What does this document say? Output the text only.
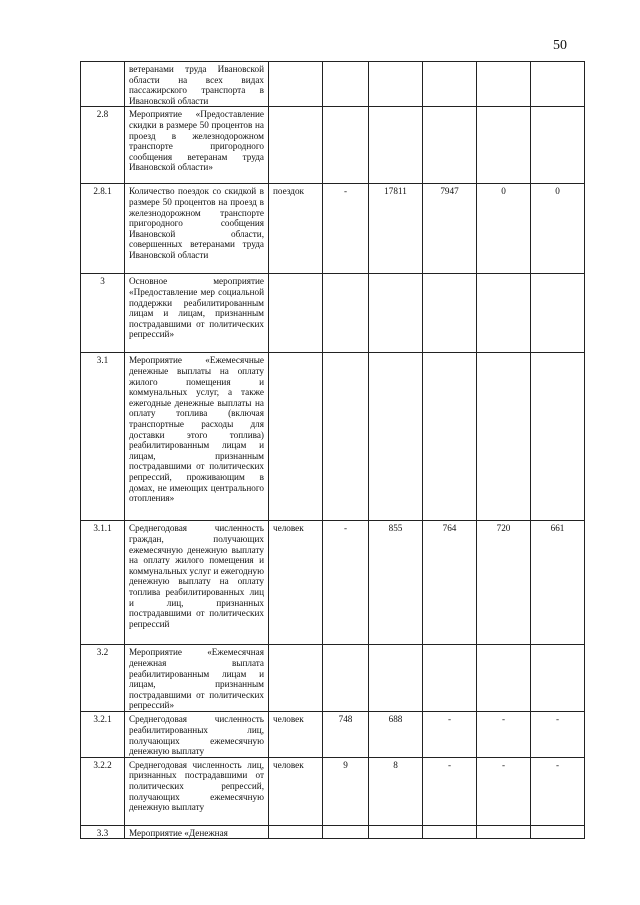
50
	ветеранами труда Ивановской области на всех видах пассажирского транспорта в Ивановской области						
2.8	Мероприятие «Предоставление скидки в размере 50 процентов на проезд в железнодорожном транспорте пригородного сообщения ветеранам труда Ивановской области»						
2.8.1	Количество поездок со скидкой в размере 50 процентов на проезд в железнодорожном транспорте пригородного сообщения Ивановской области, совершенных ветеранами труда Ивановской области	поездок	-	17811	7947	0	0
3	Основное мероприятие «Предоставление мер социальной поддержки реабилитированным лицам и лицам, признанным пострадавшими от политических репрессий»						
3.1	Мероприятие «Ежемесячные денежные выплаты на оплату жилого помещения и коммунальных услуг, а также ежегодные денежные выплаты на оплату топлива (включая транспортные расходы для доставки этого топлива) реабилитированным лицам и лицам, признанным пострадавшими от политических репрессий, проживающим в домах, не имеющих центрального отопления»						
3.1.1	Среднегодовая численность граждан, получающих ежемесячную денежную выплату на оплату жилого помещения и коммунальных услуг и ежегодную денежную выплату на оплату топлива реабилитированных лиц и лиц, признанных пострадавшими от политических репрессий	человек	-	855	764	720	661
3.2	Мероприятие «Ежемесячная денежная выплата реабилитированным лицам и лицам, признанным пострадавшими от политических репрессий»						
3.2.1	Среднегодовая численность реабилитированных лиц, получающих ежемесячную денежную выплату	человек	748	688	-	-	-
3.2.2	Среднегодовая численность лиц, признанных пострадавшими от политических репрессий, получающих ежемесячную денежную выплату	человек	9	8	-	-	-
3.3	Мероприятие «Денежная						
